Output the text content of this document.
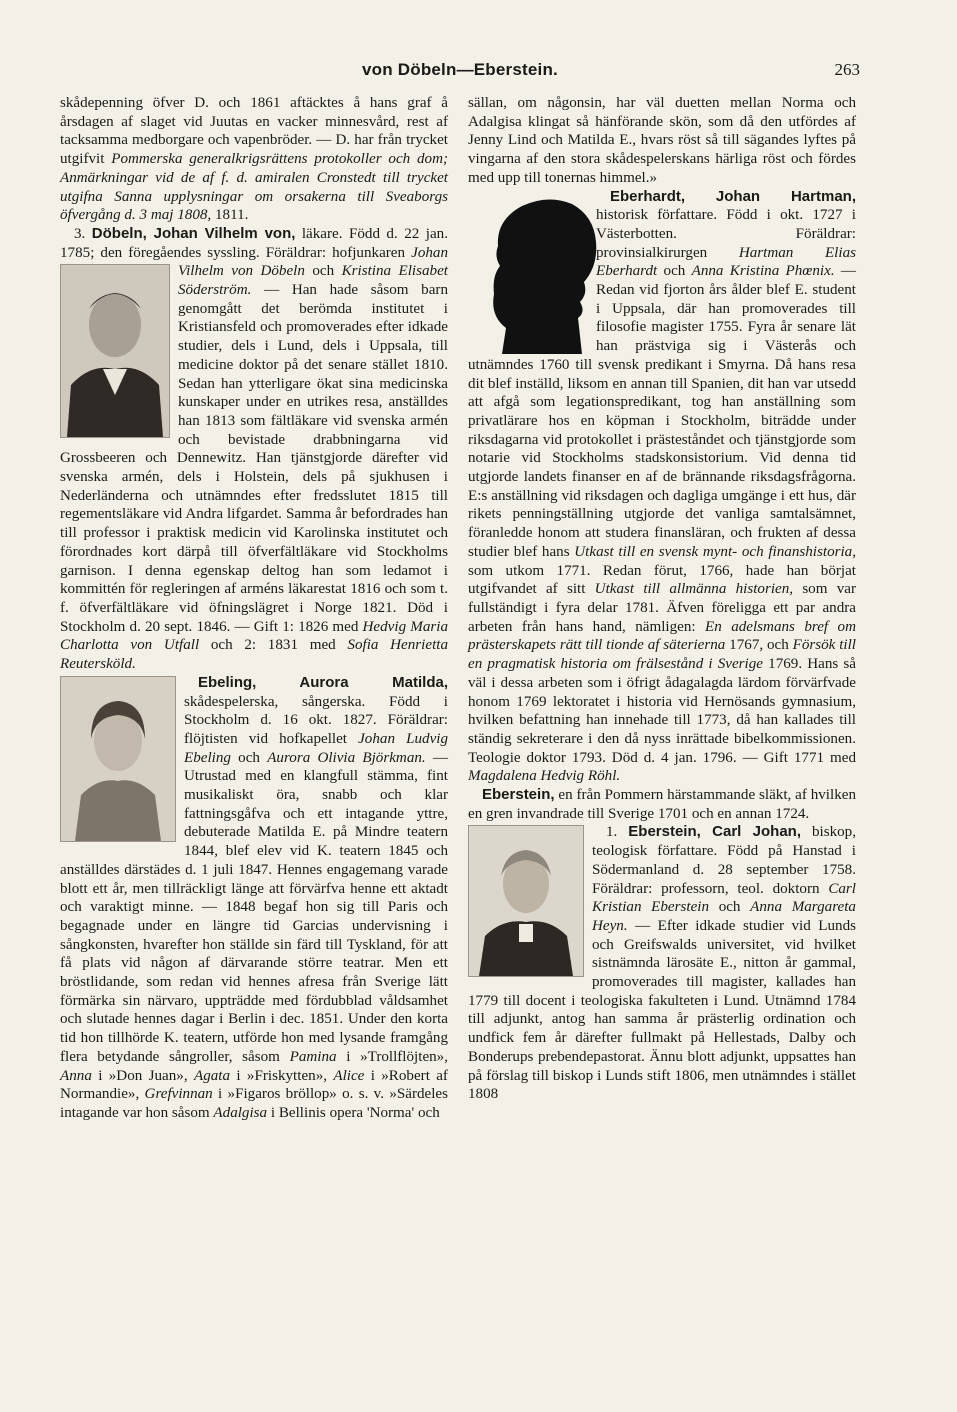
von Döbeln—Eberstein.	263

skådepenning öfver D. och 1861 aftäcktes å hans graf å årsdagen af slaget vid Juutas en vacker minnesvård, rest af tacksamma medborgare och vapenbröder. — D. har från trycket utgifvit Pommerska generalkrigsrättens protokoller och dom; Anmärkningar vid de af f. d. amiralen Cronstedt till trycket utgifna Sanna upplysningar om orsakerna till Sveaborgs öfvergång d. 3 maj 1808, 1811.

3. Döbeln, Johan Vilhelm von, läkare. Född d. 22 jan. 1785; den föregåendes syssling. Föräldrar: hofjunkaren Johan Vilhelm von Döbeln och Kristina Elisabet Söderström. — Han hade såsom barn genomgått det berömda institutet i Kristiansfeld och promoverades efter idkade studier, dels i Lund, dels i Uppsala, till medicine doktor på det senare stället 1810. Sedan han ytterligare ökat sina medicinska kunskaper under en utrikes resa, anställdes han 1813 som fältläkare vid svenska armén och bevistade drabbningarna vid Grossbeeren och Dennewitz. Han tjänstgjorde därefter vid svenska armén, dels i Holstein, dels på sjukhusen i Nederländerna och utnämndes efter fredsslutet 1815 till regementsläkare vid Andra lifgardet. Samma år befordrades han till professor i praktisk medicin vid Karolinska institutet och förordnades kort därpå till öfverfältläkare vid Stockholms garnison. I denna egenskap deltog han som ledamot i kommittén för regleringen af arméns läkarestat 1816 och som t. f. öfverfältläkare vid öfningslägret i Norge 1821. Död i Stockholm d. 20 sept. 1846. — Gift 1: 1826 med Hedvig Maria Charlotta von Utfall och 2: 1831 med Sofia Henrietta Reutersköld.

Ebeling, Aurora Matilda,
skådespelerska, sångerska. Född i Stockholm d. 16 okt. 1827. Föräldrar: flöjtisten vid hofkapellet Johan Ludvig Ebeling och Aurora Olivia Björkman. — Utrustad med en klangfull stämma, fint musikaliskt öra, snabb och klar fattningsgåfva och ett intagande yttre, debuterade Matilda E. på Mindre teatern 1844, blef elev vid K. teatern 1845 och anställdes därstädes d. 1 juli 1847. Hennes engagemang varade blott ett år, men tillräckligt länge att förvärfva henne ett aktadt och varaktigt minne. — 1848 begaf hon sig till Paris och begagnade under en längre tid Garcias undervisning i sångkonsten, hvarefter hon ställde sin färd till Tyskland, för att få plats vid någon af därvarande större teatrar. Men ett bröstlidande, som redan vid hennes afresa från Sverige lätt förmärka sin närvaro, uppträdde med fördubblad våldsamhet och slutade hennes dagar i Berlin i dec. 1851. Under den korta tid hon tillhörde K. teatern, utförde hon med lysande framgång flera betydande sångroller, såsom Pamina i »Trollflöjten», Anna i »Don Juan», Agata i »Friskytten», Alice i »Robert af Normandie», Grefvinnan i »Figaros bröllop» o. s. v. »Särdeles intagande var hon såsom Adalgisa i Bellinis opera 'Norma' och

sällan, om någonsin, har väl duetten mellan Norma och Adalgisa klingat så hänförande skön, som då den utfördes af Jenny Lind och Matilda E., hvars röst så till sägandes lyftes på vingarna af den stora skådespelerskans härliga röst och fördes med upp till tonernas himmel.»

Eberhardt, Johan Hartman,
historisk författare. Född i okt. 1727 i Västerbotten. Föräldrar: provinsialkirurgen Hartman Elias Eberhardt och Anna Kristina Phœnix. — Redan vid fjorton års ålder blef E. student i Uppsala, där han promoverades till filosofie magister 1755. Fyra år senare lät han prästviga sig i Västerås och utnämndes 1760 till svensk predikant i Smyrna. Då hans resa dit blef inställd, liksom en annan till Spanien, dit han var utsedd att afgå som legationspredikant, tog han anställning som privatlärare hos en köpman i Stockholm, biträdde under riksdagarna vid protokollet i prästeståndet och tjänstgjorde som notarie vid Stockholms stadskonsistorium. Vid denna tid utgjorde landets finanser en af de brännande riksdagsfrågorna. E:s anställning vid riksdagen och dagliga umgänge i ett hus, där rikets penningställning utgjorde det vanliga samtalsämnet, föranledde honom att studera finansläran, och frukten af dessa studier blef hans Utkast till en svensk mynt- och finanshistoria, som utkom 1771. Redan förut, 1766, hade han börjat utgifvandet af sitt Utkast till allmänna historien, som var fullständigt i fyra delar 1781. Äfven föreligga ett par andra arbeten från hans hand, nämligen: En adelsmans bref om prästerskapets rätt till tionde af säterierna 1767, och Försök till en pragmatisk historia om frälsestånd i Sverige 1769. Hans så väl i dessa arbeten som i öfrigt ådagalagda lärdom förvärfvade honom 1769 lektoratet i historia vid Hernösands gymnasium, hvilken befattning han innehade till 1773, då han kallades till ständig sekreterare i den då nyss inrättade bibelkommissionen. Teologie doktor 1793. Död d. 4 jan. 1796. — Gift 1771 med Magdalena Hedvig Röhl.

Eberstein, en från Pommern härstammande släkt, af hvilken en gren invandrade till Sverige 1701 och en annan 1724.

1. Eberstein, Carl Johan, biskop, teologisk författare. Född på Hanstad i Södermanland d. 28 september 1758. Föräldrar: professorn, teol. doktorn Carl Kristian Eberstein och Anna Margareta Heyn. — Efter idkade studier vid Lunds och Greifswalds universitet, vid hvilket sistnämnda lärosäte E., nitton år gammal, promoverades till magister, kallades han 1779 till docent i teologiska fakulteten i Lund. Utnämnd 1784 till adjunkt, antog han samma år prästerlig ordination och undfick fem år därefter fullmakt på Hellestads, Dalby och Bonderups prebendepastorat. Ännu blott adjunkt, uppsattes han på förslag till biskop i Lunds stift 1806, men utnämndes i stället 1808
